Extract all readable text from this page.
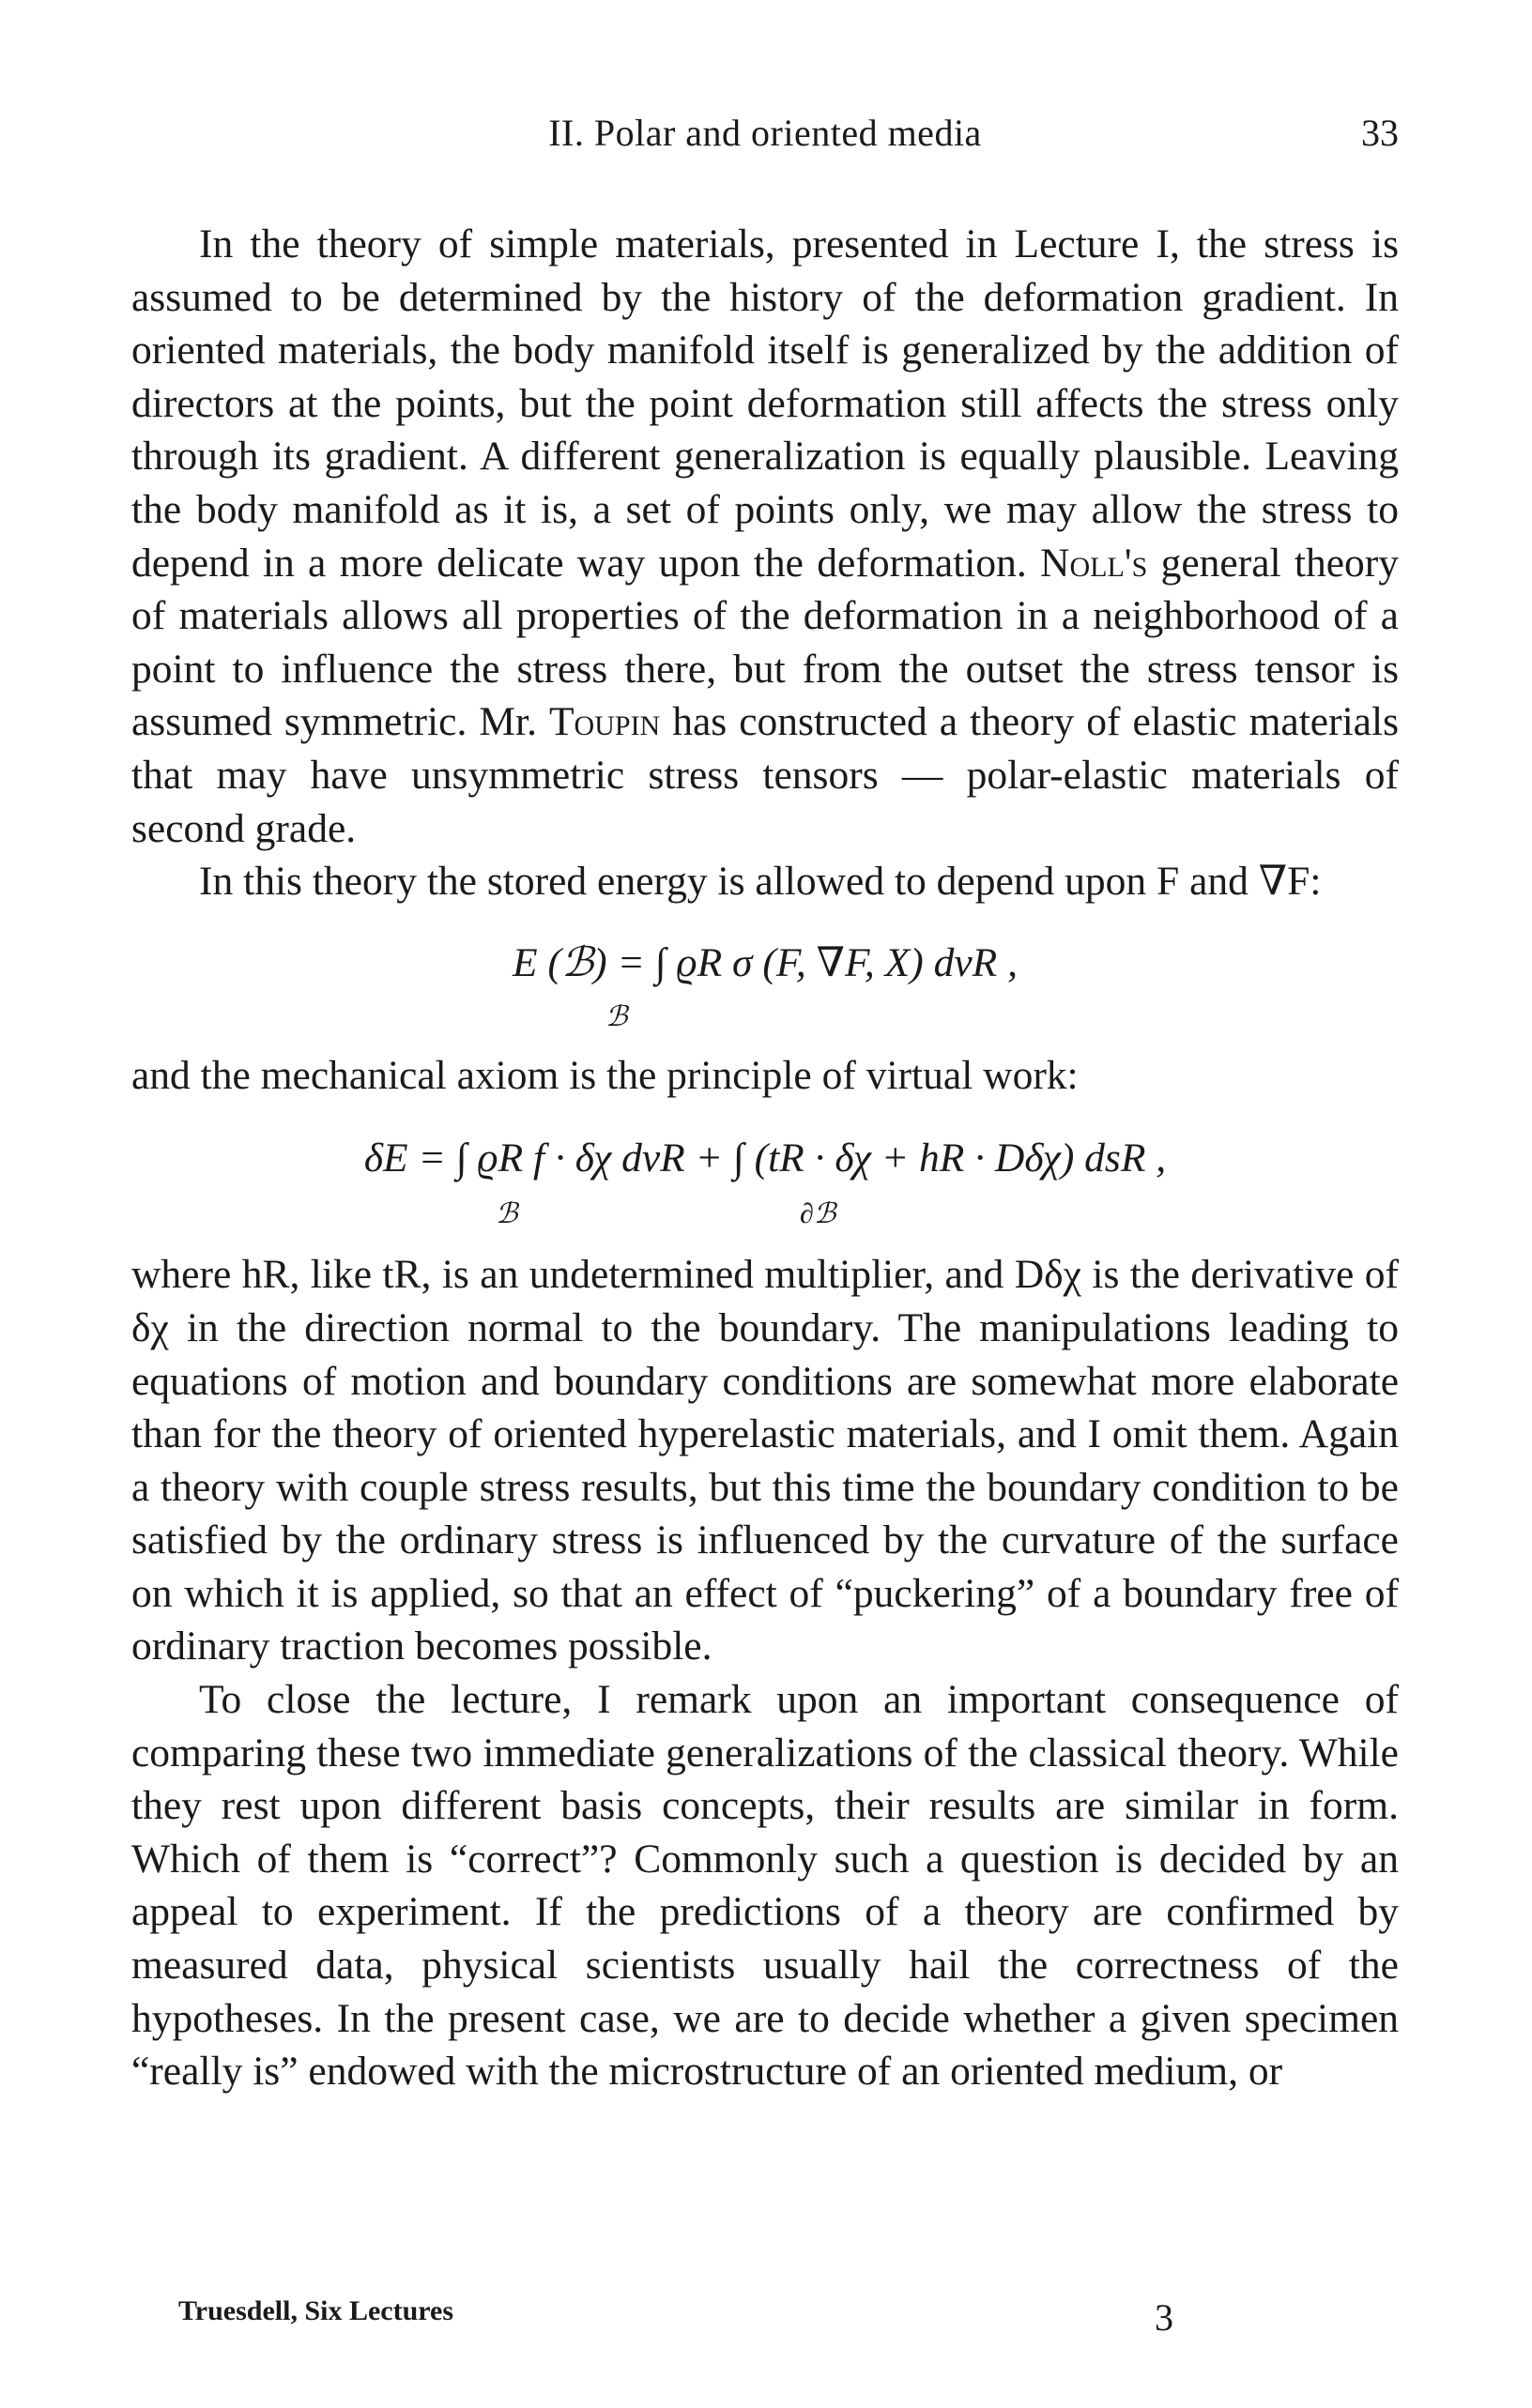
II. Polar and oriented media	33

In the theory of simple materials, presented in Lecture I, the stress is assumed to be determined by the history of the deformation gradient. In oriented materials, the body manifold itself is generalized by the addition of directors at the points, but the point deformation still affects the stress only through its gradient. A different generalization is equally plausible. Leaving the body manifold as it is, a set of points only, we may allow the stress to depend in a more delicate way upon the deformation. Noll's general theory of materials allows all properties of the deformation in a neighborhood of a point to influence the stress there, but from the outset the stress tensor is assumed symmetric. Mr. Toupin has constructed a theory of elastic materials that may have unsymmetric stress tensors — polar-elastic materials of second grade.

In this theory the stored energy is allowed to depend upon F and ∇F:

E (ℬ) = ∫ ϱR σ (F, ∇F, X) dvR ,
ℬ

and the mechanical axiom is the principle of virtual work:

δE = ∫ ϱR f · δχ dvR + ∫ (tR · δχ + hR · Dδχ) dsR ,
ℬ	∂ℬ

where hR, like tR, is an undetermined multiplier, and Dδχ is the derivative of δχ in the direction normal to the boundary. The manipulations leading to equations of motion and boundary conditions are somewhat more elaborate than for the theory of oriented hyperelastic materials, and I omit them. Again a theory with couple stress results, but this time the boundary condition to be satisfied by the ordinary stress is influenced by the curvature of the surface on which it is applied, so that an effect of “puckering” of a boundary free of ordinary traction becomes possible.

To close the lecture, I remark upon an important consequence of comparing these two immediate generalizations of the classical theory. While they rest upon different basis concepts, their results are similar in form. Which of them is “correct”? Commonly such a question is decided by an appeal to experiment. If the predictions of a theory are confirmed by measured data, physical scientists usually hail the correctness of the hypotheses. In the present case, we are to decide whether a given specimen “really is” endowed with the microstructure of an oriented medium, or

Truesdell, Six Lectures	3
